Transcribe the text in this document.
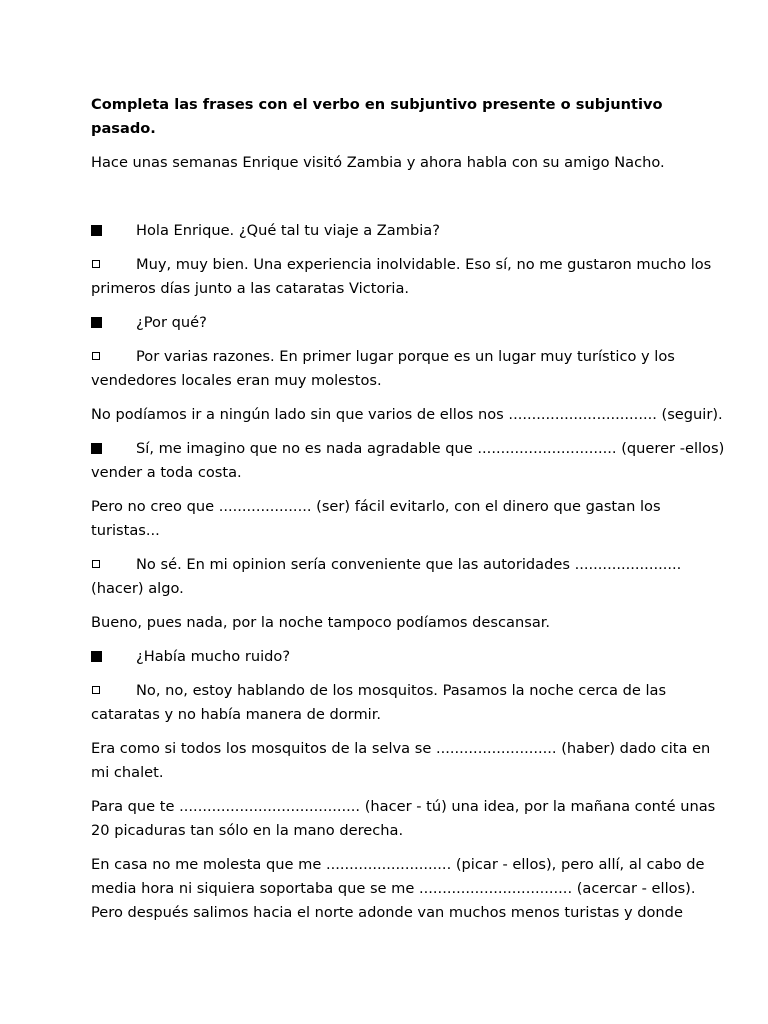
Completa las frases con el verbo en subjuntivo presente o subjuntivo pasado.

Hace unas semanas Enrique visitó Zambia y ahora habla con su amigo Nacho.

Hola Enrique. ¿Qué tal tu viaje a Zambia?

Muy, muy bien. Una experiencia inolvidable. Eso sí, no me gustaron mucho los primeros días junto a las cataratas Victoria.

¿Por qué?

Por varias razones. En primer lugar porque es un lugar muy turístico y los vendedores locales eran muy molestos.

No podíamos ir a ningún lado sin que varios de ellos nos ................................ (seguir).

Sí, me imagino que no es nada agradable que .............................. (querer -ellos) vender a toda costa.

Pero no creo que .................... (ser) fácil evitarlo, con el dinero que gastan los turistas...

No sé. En mi opinion sería conveniente que las autoridades ....................... (hacer) algo.

Bueno, pues nada, por la noche tampoco podíamos descansar.

¿Había mucho ruido?

No, no, estoy hablando de los mosquitos. Pasamos la noche cerca de las cataratas y no había manera de dormir.

Era como si todos los mosquitos de la selva se .......................... (haber) dado cita en mi chalet.

Para que te ....................................... (hacer - tú) una idea, por la mañana conté unas 20 picaduras tan sólo en la mano derecha.

En casa no me molesta que me ........................... (picar - ellos), pero allí, al cabo de media hora ni siquiera soportaba que se me ................................. (acercar - ellos). Pero después salimos hacia el norte adonde van muchos menos turistas y donde
